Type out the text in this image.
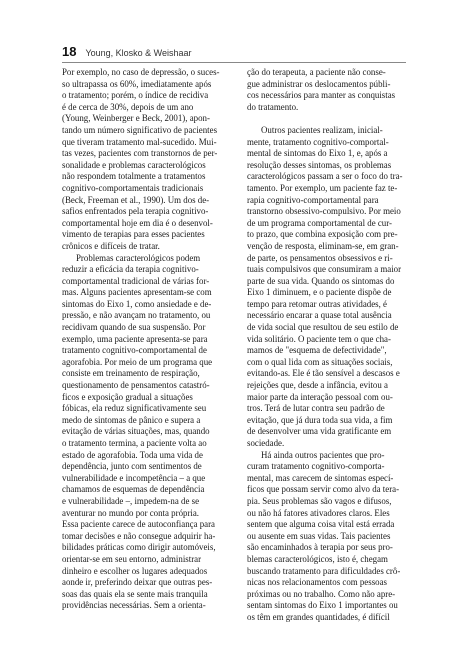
18 Young, Klosko & Weishaar
Por exemplo, no caso de depressão, o suces-
so ultrapassa os 60%, imediatamente após
o tratamento; porém, o índice de recidiva
é de cerca de 30%, depois de um ano
(Young, Weinberger e Beck, 2001), apon-
tando um número significativo de pacientes
que tiveram tratamento mal-sucedido. Mui-
tas vezes, pacientes com transtornos de per-
sonalidade e problemas caracterológicos
não respondem totalmente a tratamentos
cognitivo-comportamentais tradicionais
(Beck, Freeman et al., 1990). Um dos de-
safios enfrentados pela terapia cognitivo-
comportamental hoje em dia é o desenvol-
vimento de terapias para esses pacientes
crônicos e difíceis de tratar.
Problemas caracterológicos podem
reduzir a eficácia da terapia cognitivo-
comportamental tradicional de várias for-
mas. Alguns pacientes apresentam-se com
sintomas do Eixo 1, como ansiedade e de-
pressão, e não avançam no tratamento, ou
recidivam quando de sua suspensão. Por
exemplo, uma paciente apresenta-se para
tratamento cognitivo-comportamental de
agorafobia. Por meio de um programa que
consiste em treinamento de respiração,
questionamento de pensamentos catastró-
ficos e exposição gradual a situações
fóbicas, ela reduz significativamente seu
medo de sintomas de pânico e supera a
evitação de várias situações, mas, quando
o tratamento termina, a paciente volta ao
estado de agorafobia. Toda uma vida de
dependência, junto com sentimentos de
vulnerabilidade e incompetência – a que
chamamos de esquemas de dependência
e vulnerabilidade –, impedem-na de se
aventurar no mundo por conta própria.
Essa paciente carece de autoconfiança para
tomar decisões e não consegue adquirir ha-
bilidades práticas como dirigir automóveis,
orientar-se em seu entorno, administrar
dinheiro e escolher os lugares adequados
aonde ir, preferindo deixar que outras pes-
soas das quais ela se sente mais tranquila
providências necessárias. Sem a orienta-
ção do terapeuta, a paciente não conse-
gue administrar os deslocamentos públi-
cos necessários para manter as conquistas
do tratamento.
Outros pacientes realizam, inicial-
mente, tratamento cognitivo-comportal-
mental de sintomas do Eixo 1, e, após a
resolução desses sintomas, os problemas
caracterológicos passam a ser o foco do tra-
tamento. Por exemplo, um paciente faz te-
rapia cognitivo-comportamental para
transtorno obsessivo-compulsivo. Por meio
de um programa comportamental de cur-
to prazo, que combina exposição com pre-
venção de resposta, eliminam-se, em gran-
de parte, os pensamentos obsessivos e ri-
tuais compulsivos que consumiram a maior
parte de sua vida. Quando os sintomas do
Eixo 1 diminuem, e o paciente dispõe de
tempo para retomar outras atividades, é
necessário encarar a quase total ausência
de vida social que resultou de seu estilo de
vida solitário. O paciente tem o que cha-
mamos de "esquema de defectividade",
com o qual lida com as situações sociais,
evitando-as. Ele é tão sensível a descasos e
rejeições que, desde a infância, evitou a
maior parte da interação pessoal com ou-
tros. Terá de lutar contra seu padrão de
evitação, que já dura toda sua vida, a fim
de desenvolver uma vida gratificante em
sociedade.
Há ainda outros pacientes que pro-
curam tratamento cognitivo-comporta-
mental, mas carecem de sintomas especí-
ficos que possam servir como alvo da tera-
pia. Seus problemas são vagos e difusos,
ou não há fatores ativadores claros. Eles
sentem que alguma coisa vital está errada
ou ausente em suas vidas. Tais pacientes
são encaminhados à terapia por seus pro-
blemas caracterológicos, isto é, chegam
buscando tratamento para dificuldades crô-
nicas nos relacionamentos com pessoas
próximas ou no trabalho. Como não apre-
sentam sintomas do Eixo 1 importantes ou
os têm em grandes quantidades, é difícil
